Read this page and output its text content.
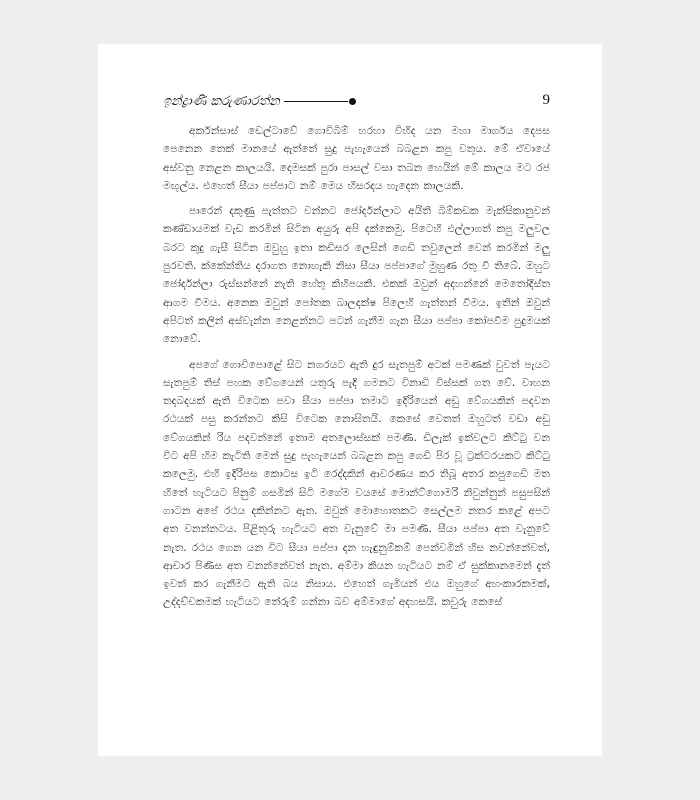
ඉන්ද්‍රාණි කරුණාරත්න	9

අර්කන්සාස් ඩෙල්ටාවේ ගොවිබිම් හරහා විහිද යන මහා මාර්ගය දෙපස පෙනෙන තෙක් මානයේ ඇත්තේ සුදු පැහැයෙන් බබළන කපු වතුය. මේ ඒවායේ අස්වනු නෙළන කාලයයි. දෙමසක් පුරා පාසල් වසා තබන හෙයින් මේ කාලය මට රජ මඟුල්ය. එහෙත් සීයා පප්පාට නම් මෙය හිසරදය හැදෙන කාලයකි.

පාරෙන් දකුණු පැත්තට වන්නට ජෝර්දන්ලාට අයිති බිම්කඩක මැක්සිකානුවන් කණ්ඩායමක් වැඩ කරමින් සිටින අයුරු අපි දක්කෙමු. පිටෙහි එල්ලාගත් කපු මලුවල බරට කුදු ගැසී සිටින ඔවුහු ඉතා කඩිසර ලෙසින් ගෙඩි තවුලෙන් වෙන් කරමින් මලු පුරවති. ක්කේන්තිය දරාගත නොහැකි නිසා සීයා පප්පාගේ මුහුණ රතු වී තිබේ. ඔහුට ජෝර්දන්ලා රුස්සන්නේ නැති හේතු කිහිපයකි. එකක් ඔවුන් අදහන්නේ මෙතෝදිස්ත ආගම වීමය. අනෙක ඔවුන් පෝතක බාලදක්ෂ පිලෙහි ගැත්තන් වීමය. ඉතින් ඔවුන් අපිටත් කලින් අස්වැන්න නෙළන්නට පටන් ගැනීම ගැන සීයා පප්පා කෝපවීම පුදුමයක් නොවේ.

අපගේ ගොවිපොළේ සිට නගරයට ඇති දුර සැතපුම් අටක් පමණක් වුවත් පැයට සැතපුම් තිස් පහක වේගයෙන් යතුරු පැදි ගමනට විනාඩි විස්සක් ගත වේ. වාහන තදබදයක් ඇති විටෙක පවා සීයා පප්පා තමාට ඉදිරියෙන් අඩු වේගයකින් පදවන රථයක් පසු කරන්නට කිසි විටෙක නොසිතයි. කෙසේ වෙතත් ඔහුටත් වඩා අඩු වේගයකින් රිය පදවන්නේ ඉතාම අතලොස්සක් පමණි. ඩිලැක් ඉක්වලට කිට්ටු වන විට අපි හිම කැටිති මෙන් සුදු පැහැයෙන් බබළන කපු ගෙඩි පිර වූ ට්‍රක්ටරයකට කිට්ටු කලෙමු. එහි ඉදිරිපස කොටස ඉටි රෙද්දකින් ආවරණය කර තිබූ අතර කපුගෙඩි මත හිතේ හැටියට පිනුම් ගසමින් සිටි මගේම වයසේ මොන්ට්ගොමරි නිවුන්නුන් පසුපසින් ගාටන අපේ රථය දකින්නට ඇත. ඔවුන් මොහොතකට සෙල්ලම නතර කළේ අපට අත වනන්නටය. පිළිතුරු හැටියට අත වැනුවේ මා පමණි. සීයා පප්පා අත වැනුවේ නැත. රථය ගෙන යන විට සීයා පප්පා දන හැඳුනුම්කම් පෙන්වමින් හිස නවන්නේවත්, ආචාර පිණිස අත වනන්නේවත් නැත. අම්මා කියන හැටියට නම් ඒ සුක්කානමෙන් දැත් ඉවත් කර ගැනීමට ඇති බය නිසාය. එහෙත් ගැමියන් එය ඔහුගේ අහංකාරකමක්, උද්දච්චකමක් හැටියට තේරුම් ගන්නා බව අම්මාගේ අදහසයි. කවුරු කෙසේ
